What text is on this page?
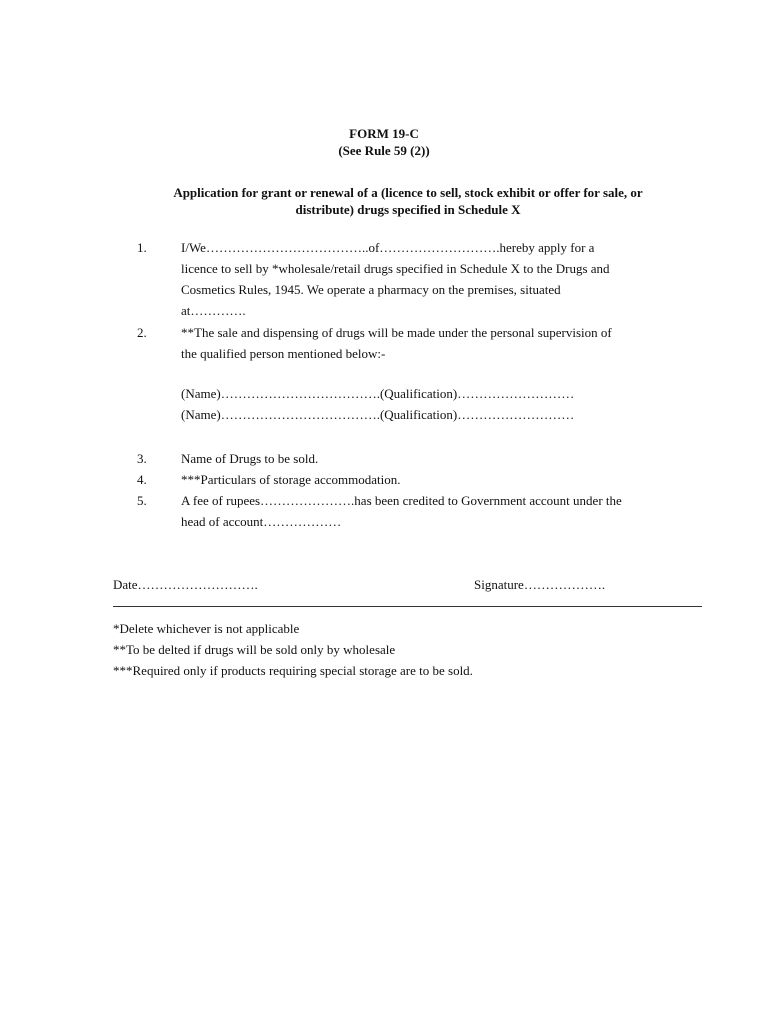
FORM 19-C
(See Rule 59 (2))
Application for grant or renewal of a (licence to sell, stock exhibit or offer for sale, or
distribute) drugs specified in Schedule X
1.	I/We………………………………..of……………………….hereby apply for a
licence to sell by *wholesale/retail drugs specified in Schedule X to the Drugs and
Cosmetics Rules, 1945. We operate a pharmacy on the premises, situated
at………….
2.	**The sale and dispensing of drugs will be made under the personal supervision of
the qualified person mentioned below:-
(Name)……………………………….(Qualification)………………………
(Name)……………………………….(Qualification)………………………
3.	Name of Drugs to be sold.
4.	***Particulars of storage accommodation.
5.	A fee of rupees………………….has been credited to Government account under the
head of account………………
Date……………………….	Signature……………….
*Delete whichever is not applicable
**To be delted if drugs will be sold only by wholesale
***Required only if products requiring special storage are to be sold.
